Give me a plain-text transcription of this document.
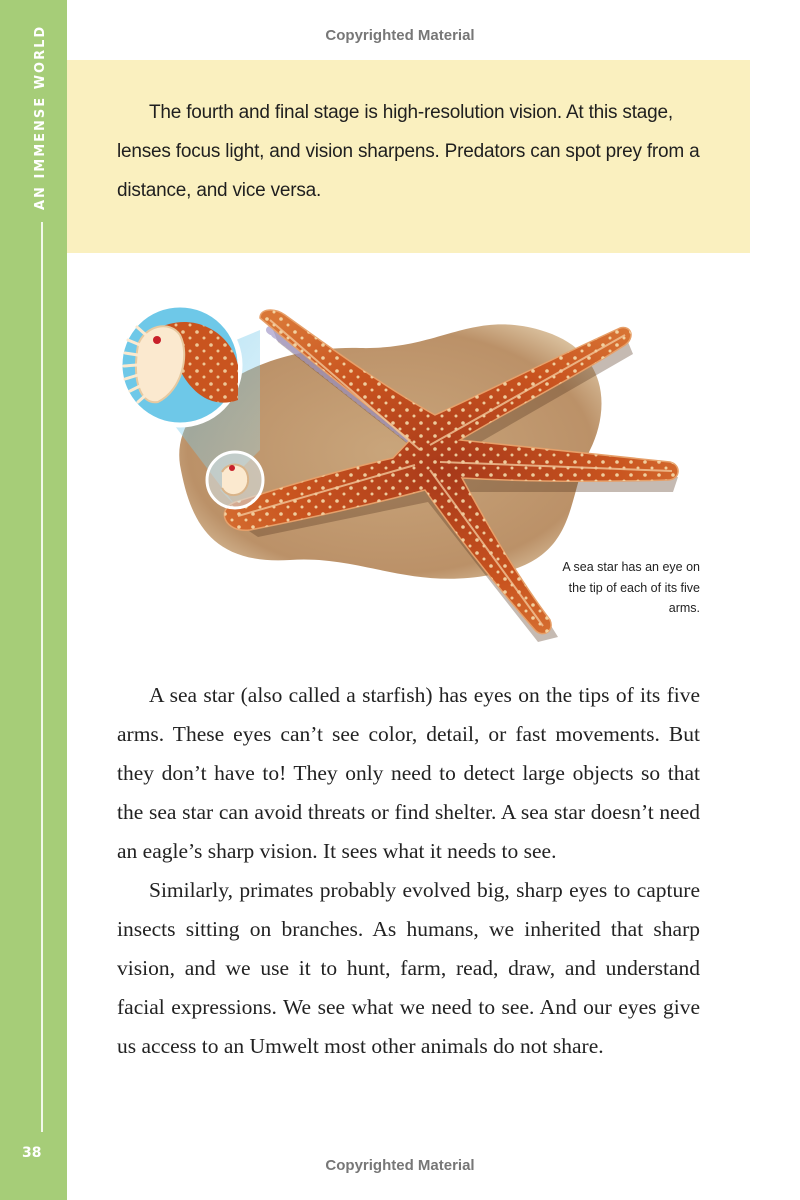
AN IMMENSE WORLD
38
Copyrighted Material

The fourth and final stage is high-resolution vision. At this stage, lenses focus light, and vision sharpens. Predators can spot prey from a distance, and vice versa.

A sea star has an eye on the tip of each of its five arms.

A sea star (also called a starfish) has eyes on the tips of its five arms. These eyes can’t see color, detail, or fast movements. But they don’t have to! They only need to detect large objects so that the sea star can avoid threats or find shelter. A sea star doesn’t need an eagle’s sharp vision. It sees what it needs to see.

Similarly, primates probably evolved big, sharp eyes to capture insects sitting on branches. As humans, we inherited that sharp vision, and we use it to hunt, farm, read, draw, and understand facial expressions. We see what we need to see. And our eyes give us access to an Umwelt most other animals do not share.

Copyrighted Material
